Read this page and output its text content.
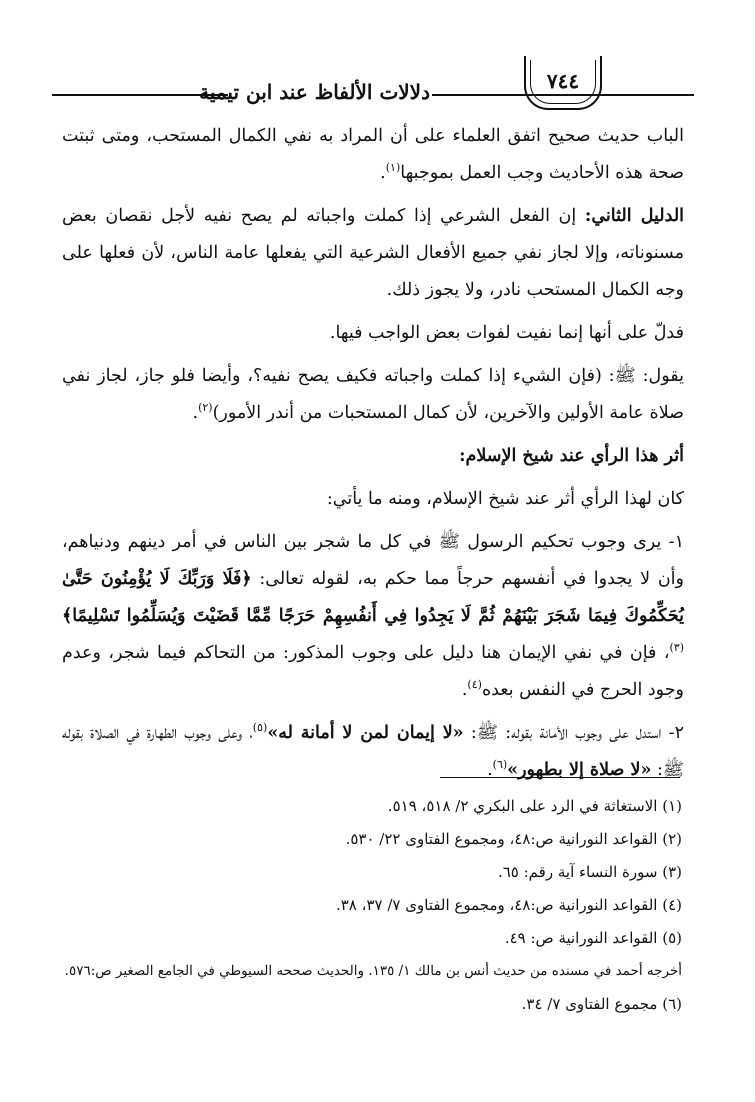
دلالات الألفاظ عند ابن تيمية	٧٤٤

الباب حديث صحيح اتفق العلماء على أن المراد به نفي الكمال المستحب، ومتى ثبتت صحة هذه الأحاديث وجب العمل بموجبها$^{(١)}$.

الدليل الثاني: إن الفعل الشرعي إذا كملت واجباته لم يصح نفيه لأجل نقصان بعض مسنوناته، وإلا لجاز نفي جميع الأفعال الشرعية التي يفعلها عامة الناس، لأن فعلها على وجه الكمال المستحب نادر، ولا يجوز ذلك.

فدلّ على أنها إنما نفيت لفوات بعض الواجب فيها.

يقول: ﷺ: (فإن الشيء إذا كملت واجباته فكيف يصح نفيه؟، وأيضا فلو جاز، لجاز نفي صلاة عامة الأولين والآخرين، لأن كمال المستحبات من أندر الأمور)$^{(٢)}$.

أثر هذا الرأي عند شيخ الإسلام:

كان لهذا الرأي أثر عند شيخ الإسلام، ومنه ما يأتي:

١- يرى وجوب تحكيم الرسول ﷺ في كل ما شجر بين الناس في أمر دينهم ودنياهم، وأن لا يجدوا في أنفسهم حرجاً مما حكم به، لقوله تعالى: ﴿فَلَا وَرَبِّكَ لَا يُؤْمِنُونَ حَتَّىٰ يُحَكِّمُوكَ فِيمَا شَجَرَ بَيْنَهُمْ ثُمَّ لَا يَجِدُوا فِي أَنفُسِهِمْ حَرَجًا مِّمَّا قَضَيْتَ وَيُسَلِّمُوا تَسْلِيمًا﴾$^{(٣)}$، فإن في نفي الإيمان هنا دليل على وجوب المذكور: من التحاكم فيما شجر، وعدم وجود الحرج في النفس بعده$^{(٤)}$.

٢- استدل على وجوب الأمانة بقوله: ﷺ: «لا إيمان لمن لا أمانة له»$^{(٥)}$، وعلى وجوب الطهارة في الصلاة بقوله ﷺ: «لا صلاة إلا بطهور»$^{(٦)}$.

(١) الاستغاثة في الرد على البكري ٢/ ٥١٨، ٥١٩.
(٢) القواعد النورانية ص:٤٨، ومجموع الفتاوى ٢٢/ ٥٣٠.
(٣) سورة النساء آية رقم: ٦٥.
(٤) القواعد النورانية ص:٤٨، ومجموع الفتاوى ٧/ ٣٧، ٣٨.
(٥) القواعد النورانية ص: ٤٩.
أخرجه أحمد في مسنده من حديث أنس بن مالك ١/ ١٣٥. والحديث صححه السيوطي في الجامع الصغير ص:٥٧٦.
(٦) مجموع الفتاوى ٧/ ٣٤.
